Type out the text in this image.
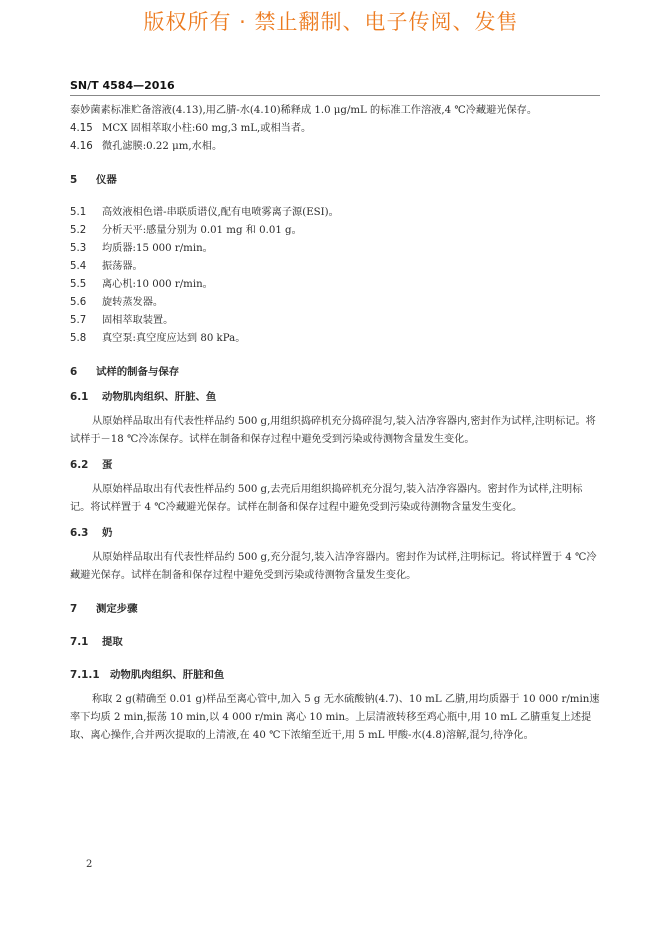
版权所有 · 禁止翻制、电子传阅、发售
SN/T 4584—2016

泰妙菌素标准贮备溶液(4.13),用乙腈-水(4.10)稀释成 1.0 μg/mL 的标准工作溶液,4 ℃冷藏避光保存。

4.15 MCX 固相萃取小柱:60 mg,3 mL,或相当者。
4.16 微孔滤膜:0.22 μm,水相。
5 仪器
5.1	高效液相色谱-串联质谱仪,配有电喷雾离子源(ESI)。
5.2	分析天平:感量分别为 0.01 mg 和 0.01 g。
5.3	均质器:15 000 r/min。
5.4	振荡器。
5.5	离心机:10 000 r/min。
5.6	旋转蒸发器。
5.7	固相萃取装置。
5.8	真空泵:真空度应达到 80 kPa。
6 试样的制备与保存
6.1 动物肌肉组织、肝脏、鱼

从原始样品取出有代表性样品约 500 g,用组织捣碎机充分捣碎混匀,装入洁净容器内,密封作为试样,注明标记。将试样于－18 ℃冷冻保存。试样在制备和保存过程中避免受到污染或待测物含量发生变化。

6.2 蛋

从原始样品取出有代表性样品约 500 g,去壳后用组织捣碎机充分混匀,装入洁净容器内。密封作为试样,注明标记。将试样置于 4 ℃冷藏避光保存。试样在制备和保存过程中避免受到污染或待测物含量发生变化。

6.3 奶

从原始样品取出有代表性样品约 500 g,充分混匀,装入洁净容器内。密封作为试样,注明标记。将试样置于 4 ℃冷藏避光保存。试样在制备和保存过程中避免受到污染或待测物含量发生变化。

7 测定步骤
7.1 提取
7.1.1 动物肌肉组织、肝脏和鱼

称取 2 g(精确至 0.01 g)样品至离心管中,加入 5 g 无水硫酸钠(4.7)、10 mL 乙腈,用均质器于 10 000 r/min速率下均质 2 min,振荡 10 min,以 4 000 r/min 离心 10 min。上层清液转移至鸡心瓶中,用 10 mL 乙腈重复上述提取、离心操作,合并两次提取的上清液,在 40 ℃下浓缩至近干,用 5 mL 甲酸-水(4.8)溶解,混匀,待净化。

2
